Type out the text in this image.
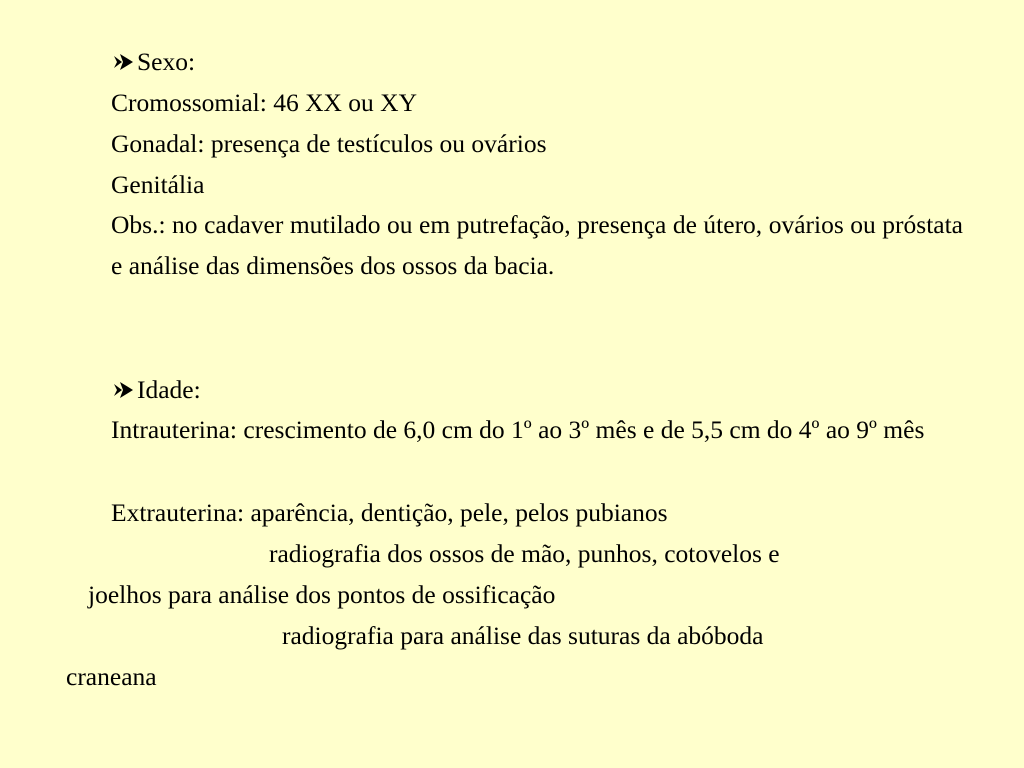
Sexo:
Cromossomial: 46 XX ou XY
Gonadal: presença de testículos ou ovários
Genitália
Obs.: no cadaver mutilado ou em putrefação, presença de útero, ovários ou próstata e análise das dimensões dos ossos da bacia.
Idade:
Intrauterina: crescimento de 6,0 cm do 1º ao 3º mês e de 5,5 cm do 4º ao 9º mês
Extrauterina: aparência, dentição, pele, pelos pubianos
radiografia dos ossos de mão, punhos, cotovelos e
joelhos para análise dos pontos de ossificação
radiografia para análise das suturas da abóboda
craneana
